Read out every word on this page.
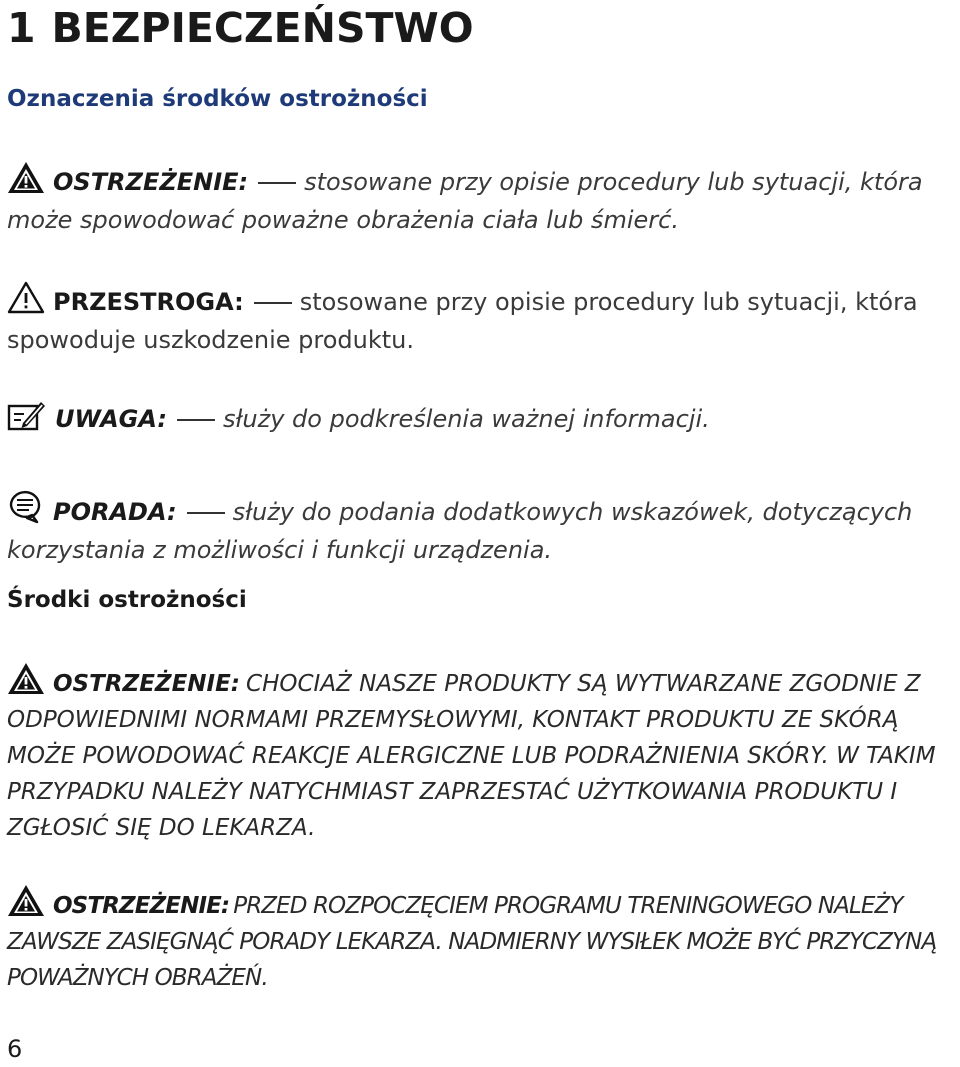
1 BEZPIECZEŃSTWO
Oznaczenia środków ostrożności
OSTRZEŻENIE: stosowane przy opisie procedury lub sytuacji, która może spowodować poważne obrażenia ciała lub śmierć.
PRZESTROGA: stosowane przy opisie procedury lub sytuacji, która spowoduje uszkodzenie produktu.
UWAGA: służy do podkreślenia ważnej informacji.
PORADA: służy do podania dodatkowych wskazówek, dotyczących korzystania z możliwości i funkcji urządzenia.
Środki ostrożności
OSTRZEŻENIE: CHOCIAŻ NASZE PRODUKTY SĄ WYTWARZANE ZGODNIE Z ODPOWIEDNIMI NORMAMI PRZEMYSŁOWYMI, KONTAKT PRODUKTU ZE SKÓRĄ MOŻE POWODOWAĆ REAKCJE ALERGICZNE LUB PODRAŻNIENIA SKÓRY. W TAKIM PRZYPADKU NALEŻY NATYCHMIAST ZAPRZESTAĆ UŻYTKOWANIA PRODUKTU I ZGŁOSIĆ SIĘ DO LEKARZA.
OSTRZEŻENIE: PRZED ROZPOCZĘCIEM PROGRAMU TRENINGOWEGO NALEŻY ZAWSZE ZASIĘGNĄĆ PORADY LEKARZA. NADMIERNY WYSIŁEK MOŻE BYĆ PRZYCZYNĄ POWAŻNYCH OBRAŻEŃ.
6
